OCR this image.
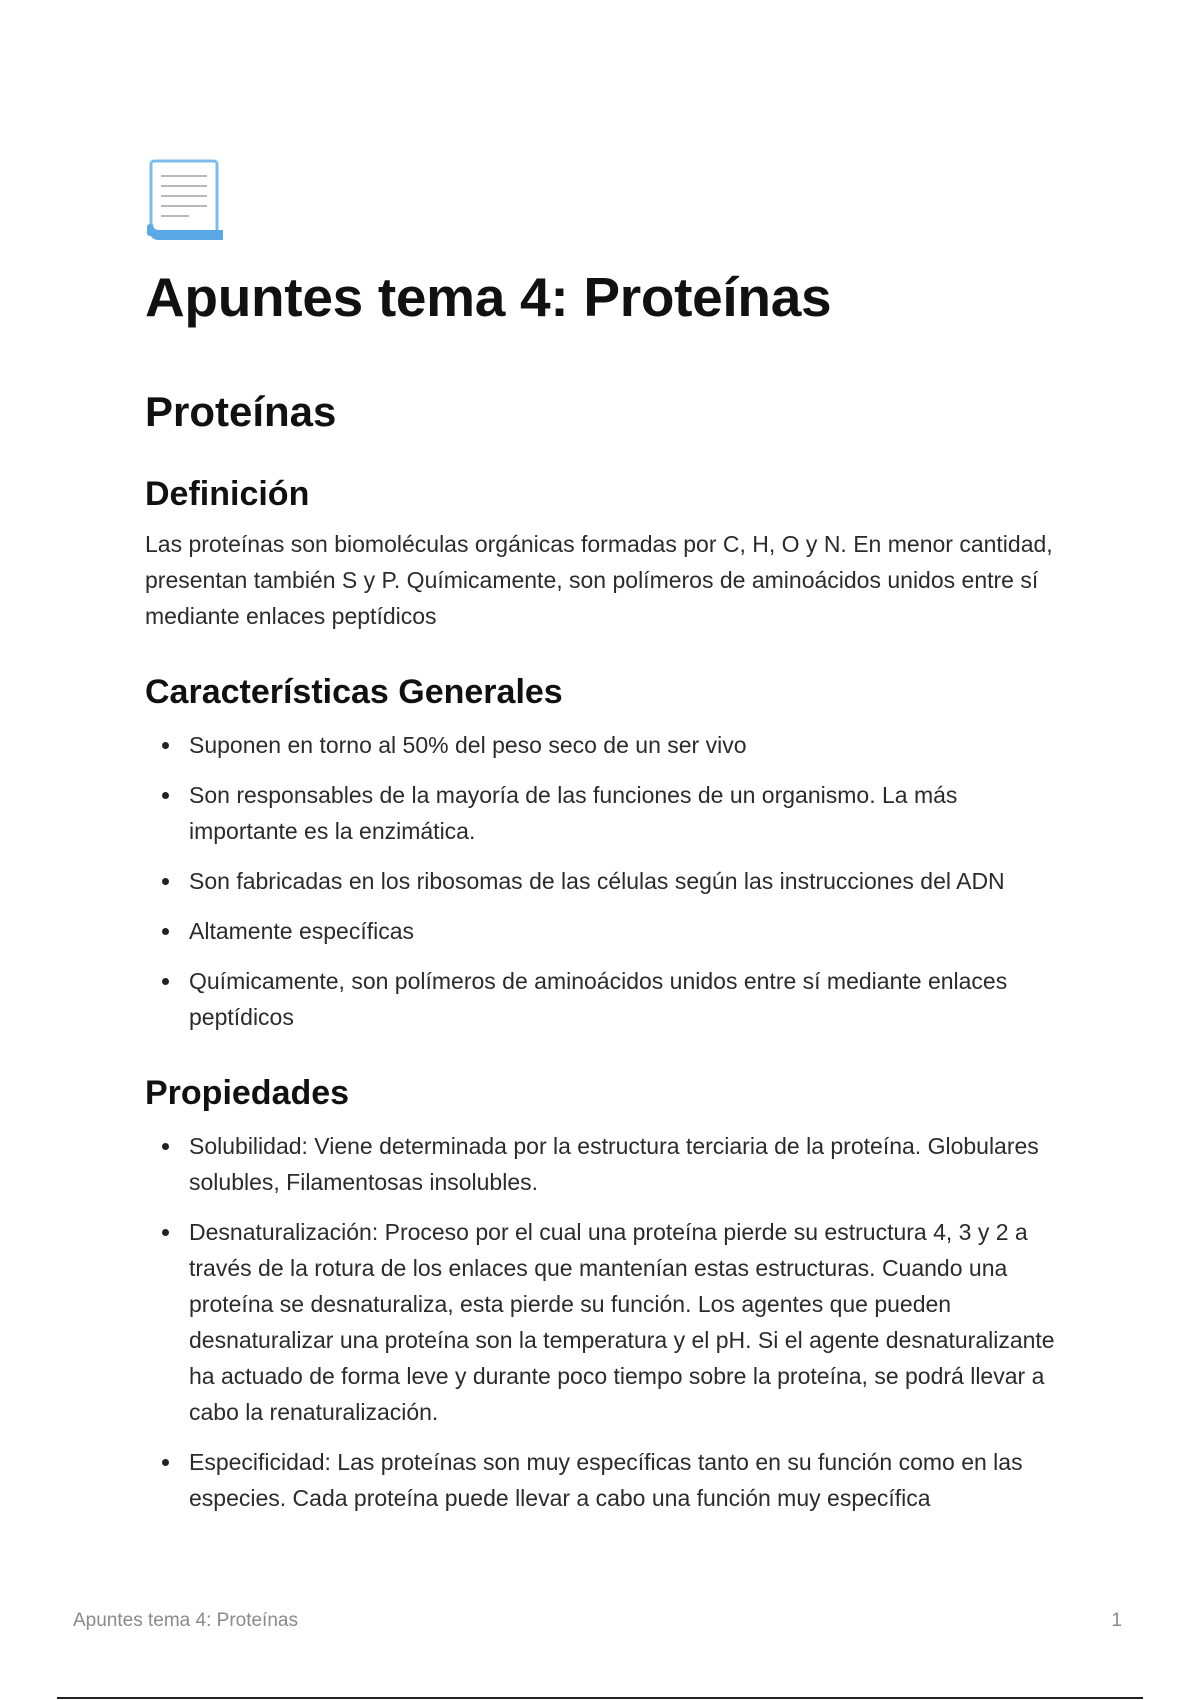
Apuntes tema 4: Proteínas
Proteínas
Definición

Las proteínas son biomoléculas orgánicas formadas por C, H, O y N. En menor cantidad, presentan también S y P. Químicamente, son polímeros de aminoácidos unidos entre sí mediante enlaces peptídicos

Características Generales
Suponen en torno al 50% del peso seco de un ser vivo
Son responsables de la mayoría de las funciones de un organismo. La más importante es la enzimática.
Son fabricadas en los ribosomas de las células según las instrucciones del ADN
Altamente específicas
Químicamente, son polímeros de aminoácidos unidos entre sí mediante enlaces peptídicos
Propiedades
Solubilidad: Viene determinada por la estructura terciaria de la proteína. Globulares solubles, Filamentosas insolubles.
Desnaturalización: Proceso por el cual una proteína pierde su estructura 4, 3 y 2 a través de la rotura de los enlaces que mantenían estas estructuras. Cuando una proteína se desnaturaliza, esta pierde su función. Los agentes que pueden desnaturalizar una proteína son la temperatura y el pH. Si el agente desnaturalizante ha actuado de forma leve y durante poco tiempo sobre la proteína, se podrá llevar a cabo la renaturalización.
Especificidad: Las proteínas son muy específicas tanto en su función como en las especies. Cada proteína puede llevar a cabo una función muy específica
Apuntes tema 4: Proteínas	1
